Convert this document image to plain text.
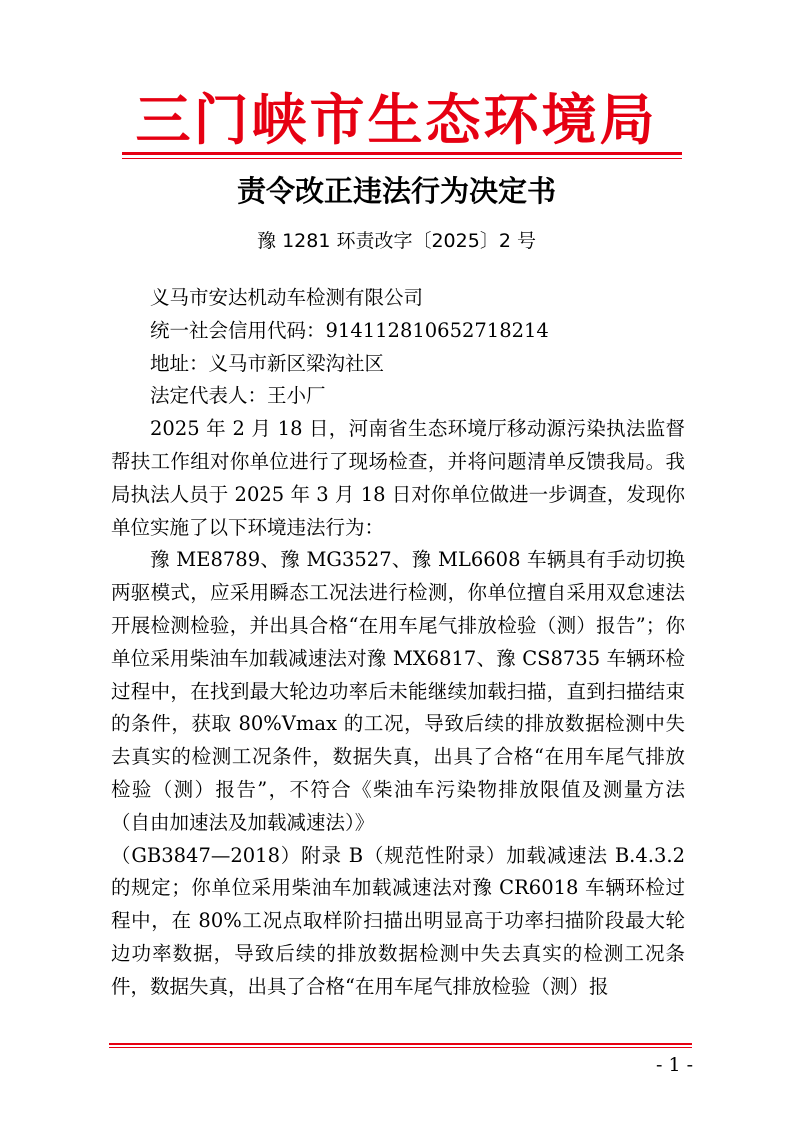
三门峡市生态环境局
责令改正违法行为决定书
豫 1281 环责改字〔2025〕2 号

义马市安达机动车检测有限公司

统一社会信用代码：914112810652718214

地址：义马市新区梁沟社区

法定代表人：王小厂

2025 年 2 月 18 日，河南省生态环境厅移动源污染执法监督帮扶工作组对你单位进行了现场检查，并将问题清单反馈我局。我局执法人员于 2025 年 3 月 18 日对你单位做进一步调查，发现你单位实施了以下环境违法行为：

豫 ME8789、豫 MG3527、豫 ML6608 车辆具有手动切换两驱模式，应采用瞬态工况法进行检测，你单位擅自采用双怠速法开展检测检验，并出具合格“在用车尾气排放检验（测）报告”；你单位采用柴油车加载减速法对豫 MX6817、豫 CS8735 车辆环检过程中，在找到最大轮边功率后未能继续加载扫描，直到扫描结束的条件，获取 80%Vmax 的工况，导致后续的排放数据检测中失去真实的检测工况条件，数据失真，出具了合格“在用车尾气排放检验（测）报告”，不符合《柴油车污染物排放限值及测量方法（自由加速法及加载减速法）》

（GB3847—2018）附录 B（规范性附录）加载减速法 B.4.3.2 的规定；你单位采用柴油车加载减速法对豫 CR6018 车辆环检过程中，在 80%工况点取样阶扫描出明显高于功率扫描阶段最大轮边功率数据，导致后续的排放数据检测中失去真实的检测工况条件，数据失真，出具了合格“在用车尾气排放检验（测）报

- 1 -
